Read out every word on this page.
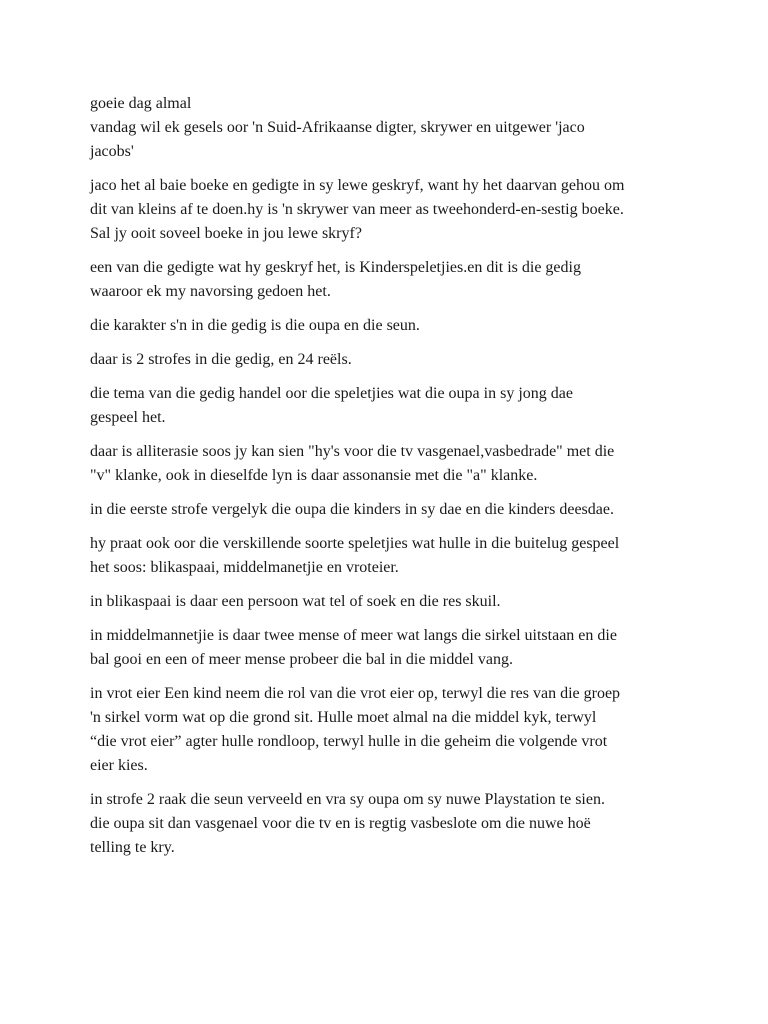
goeie dag almal
vandag wil ek gesels oor 'n Suid-Afrikaanse digter, skrywer en uitgewer 'jaco
jacobs'
jaco het al baie boeke en gedigte in sy lewe geskryf, want hy het daarvan gehou om
dit van kleins af te doen.hy is 'n skrywer van meer as tweehonderd-en-sestig boeke.
Sal jy ooit soveel boeke in jou lewe skryf?
een van die gedigte wat hy geskryf het, is Kinderspeletjies.en dit is die gedig
waaroor ek my navorsing gedoen het.
die karakter s'n in die gedig is die oupa en die seun.
daar is 2 strofes in die gedig, en 24 reëls.
die tema van die gedig handel oor die speletjies wat die oupa in sy jong dae
gespeel het.
daar is alliterasie soos jy kan sien "hy's voor die tv vasgenael,vasbedrade" met die
"v" klanke, ook in dieselfde lyn is daar assonansie met die "a" klanke.
in die eerste strofe vergelyk die oupa die kinders in sy dae en die kinders deesdae.
hy praat ook oor die verskillende soorte speletjies wat hulle in die buitelug gespeel
het soos: blikaspaai, middelmanetjie en vroteier.
in blikaspaai is daar een persoon wat tel of soek en die res skuil.
in middelmannetjie is daar twee mense of meer wat langs die sirkel uitstaan en die
bal gooi en een of meer mense probeer die bal in die middel vang.
in vrot eier Een kind neem die rol van die vrot eier op, terwyl die res van die groep
'n sirkel vorm wat op die grond sit. Hulle moet almal na die middel kyk, terwyl
“die vrot eier” agter hulle rondloop, terwyl hulle in die geheim die volgende vrot
eier kies.
in strofe 2 raak die seun verveeld en vra sy oupa om sy nuwe Playstation te sien.
die oupa sit dan vasgenael voor die tv en is regtig vasbeslote om die nuwe hoë
telling te kry.
